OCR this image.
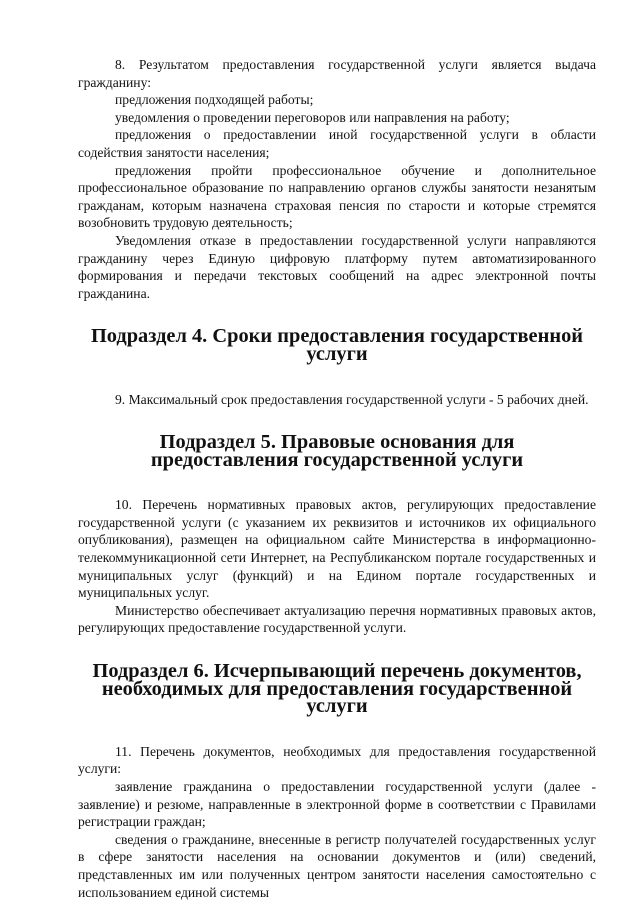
8. Результатом предоставления государственной услуги является выдача гражданину:

предложения подходящей работы;

уведомления о проведении переговоров или направления на работу;

предложения о предоставлении иной государственной услуги в области содействия занятости населения;

предложения пройти профессиональное обучение и дополнительное профессиональное образование по направлению органов службы занятости незанятым гражданам, которым назначена страховая пенсия по старости и которые стремятся возобновить трудовую деятельность;

Уведомления отказе в предоставлении государственной услуги направляются гражданину через Единую цифровую платформу путем автоматизированного формирования и передачи текстовых сообщений на адрес электронной почты гражданина.

Подраздел 4. Сроки предоставления государственной услуги

9. Максимальный срок предоставления государственной услуги - 5 рабочих дней.

Подраздел 5. Правовые основания для предоставления государственной услуги

10. Перечень нормативных правовых актов, регулирующих предоставление государственной услуги (с указанием их реквизитов и источников их официального опубликования), размещен на официальном сайте Министерства в информационно-телекоммуникационной сети Интернет, на Республиканском портале государственных и муниципальных услуг (функций) и на Едином портале государственных и муниципальных услуг.

Министерство обеспечивает актуализацию перечня нормативных правовых актов, регулирующих предоставление государственной услуги.

Подраздел 6. Исчерпывающий перечень документов, необходимых для предоставления государственной услуги

11. Перечень документов, необходимых для предоставления государственной услуги:

заявление гражданина о предоставлении государственной услуги (далее - заявление) и резюме, направленные в электронной форме в соответствии с Правилами регистрации граждан;

сведения о гражданине, внесенные в регистр получателей государственных услуг в сфере занятости населения на основании документов и (или) сведений, представленных им или полученных центром занятости населения самостоятельно с использованием единой системы
